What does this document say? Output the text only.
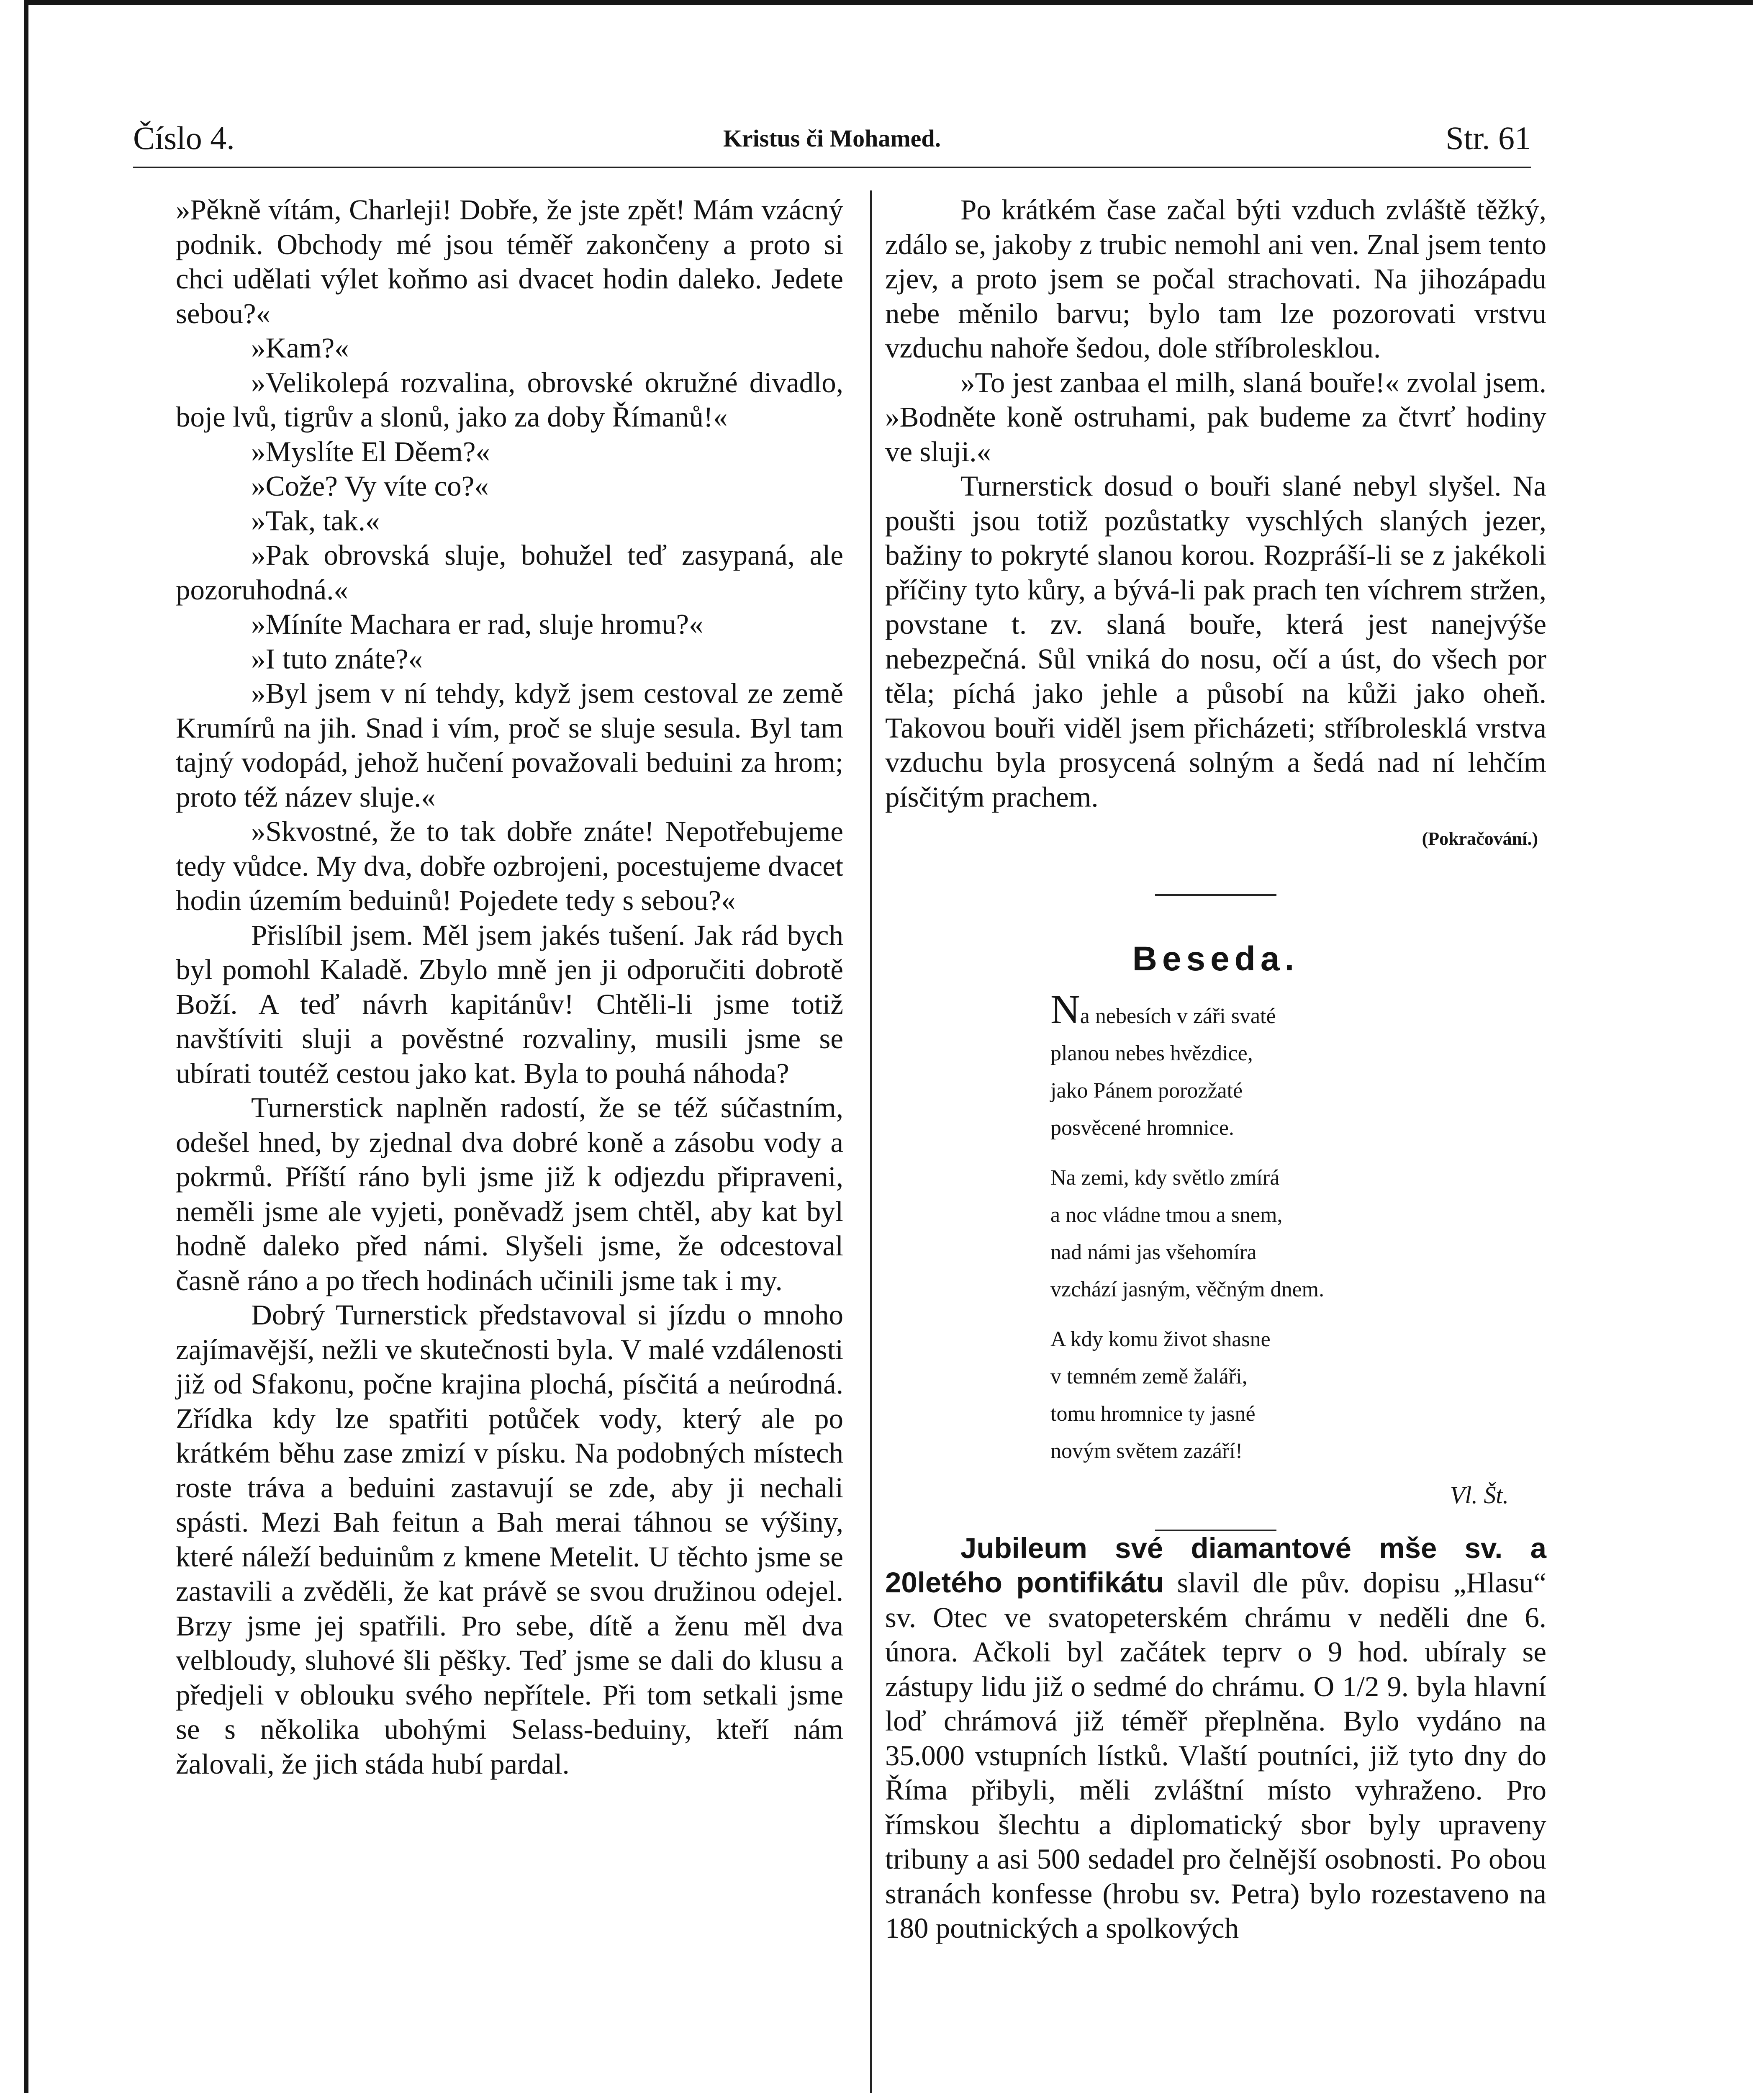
Číslo 4.	Kristus či Mohamed.	Str. 61

»Pěkně vítám, Charleji! Dobře, že jste zpět! Mám vzácný podnik. Obchody mé jsou téměř zakončeny a proto si chci udělati výlet koňmo asi dvacet hodin daleko. Jedete sebou?«

»Kam?«

»Velikolepá rozvalina, obrovské okružné divadlo, boje lvů, tigrův a slonů, jako za doby Římanů!«

»Myslíte El Děem?«

»Cože? Vy víte co?«

»Tak, tak.«

»Pak obrovská sluje, bohužel teď zasypaná, ale pozoruhodná.«

»Míníte Machara er rad, sluje hromu?«

»I tuto znáte?«

»Byl jsem v ní tehdy, když jsem cestoval ze země Krumírů na jih. Snad i vím, proč se sluje sesula. Byl tam tajný vodopád, jehož hučení považovali beduini za hrom; proto též název sluje.«

»Skvostné, že to tak dobře znáte! Nepotřebujeme tedy vůdce. My dva, dobře ozbrojeni, pocestujeme dvacet hodin územím beduinů! Pojedete tedy s sebou?«

Přislíbil jsem. Měl jsem jakés tušení. Jak rád bych byl pomohl Kaladě. Zbylo mně jen ji odporučiti dobrotě Boží. A teď návrh kapitánův! Chtěli-li jsme totiž navštíviti sluji a pověstné rozvaliny, musili jsme se ubírati toutéž cestou jako kat. Byla to pouhá náhoda?

Turnerstick naplněn radostí, že se též súčastním, odešel hned, by zjednal dva dobré koně a zásobu vody a pokrmů. Příští ráno byli jsme již k odjezdu připraveni, neměli jsme ale vyjeti, poněvadž jsem chtěl, aby kat byl hodně daleko před námi. Slyšeli jsme, že odcestoval časně ráno a po třech hodinách učinili jsme tak i my.

Dobrý Turnerstick představoval si jízdu o mnoho zajímavější, nežli ve skutečnosti byla. V malé vzdálenosti již od Sfakonu, počne krajina plochá, písčitá a neúrodná. Zřídka kdy lze spatřiti potůček vody, který ale po krátkém běhu zase zmizí v písku. Na podobných místech roste tráva a beduini zastavují se zde, aby ji nechali spásti. Mezi Bah feitun a Bah merai táhnou se výšiny, které náleží beduinům z kmene Metelit. U těchto jsme se zastavili a zvěděli, že kat právě se svou družinou odejel. Brzy jsme jej spatřili. Pro sebe, dítě a ženu měl dva velbloudy, sluhové šli pěšky. Teď jsme se dali do klusu a předjeli v oblouku svého nepřítele. Při tom setkali jsme se s několika ubohými Selass-beduiny, kteří nám žalovali, že jich stáda hubí pardal.

Po krátkém čase začal býti vzduch zvláště těžký, zdálo se, jakoby z trubic nemohl ani ven. Znal jsem tento zjev, a proto jsem se počal strachovati. Na jihozápadu nebe měnilo barvu; bylo tam lze pozorovati vrstvu vzduchu nahoře šedou, dole stříbrolesklou.

»To jest zanbaa el milh, slaná bouře!« zvolal jsem. »Bodněte koně ostruhami, pak budeme za čtvrť hodiny ve sluji.«

Turnerstick dosud o bouři slané nebyl slyšel. Na poušti jsou totiž pozůstatky vyschlých slaných jezer, bažiny to pokryté slanou korou. Rozpráší-li se z jakékoli příčiny tyto kůry, a bývá-li pak prach ten víchrem stržen, povstane t. zv. slaná bouře, která jest nanejvýše nebezpečná. Sůl vniká do nosu, očí a úst, do všech por těla; píchá jako jehle a působí na kůži jako oheň. Takovou bouři viděl jsem přicházeti; stříbrolesklá vrstva vzduchu byla prosycená solným a šedá nad ní lehčím písčitým prachem.

(Pokračování.)
Beseda.
Na nebesích v záři svaté
planou nebes hvězdice,
jako Pánem porozžaté
posvěcené hromnice.
Na zemi, kdy světlo zmírá
a noc vládne tmou a snem,
nad námi jas všehomíra
vzchází jasným, věčným dnem.
A kdy komu život shasne
v temném země žaláři,
tomu hromnice ty jasné
novým světem zazáří!
Vl. Št.

Jubileum své diamantové mše sv. a 20letého pontifikátu slavil dle pův. dopisu „Hlasu“ sv. Otec ve svatopeterském chrámu v neděli dne 6. února. Ačkoli byl začátek teprv o 9 hod. ubíraly se zástupy lidu již o sedmé do chrámu. O 1/2 9. byla hlavní loď chrámová již téměř přeplněna. Bylo vydáno na 35.000 vstupních lístků. Vlaští poutníci, již tyto dny do Říma přibyli, měli zvláštní místo vyhraženo. Pro římskou šlechtu a diplomatický sbor byly upraveny tribuny a asi 500 sedadel pro čelnější osobnosti. Po obou stranách konfesse (hrobu sv. Petra) bylo rozestaveno na 180 poutnických a spolkových
